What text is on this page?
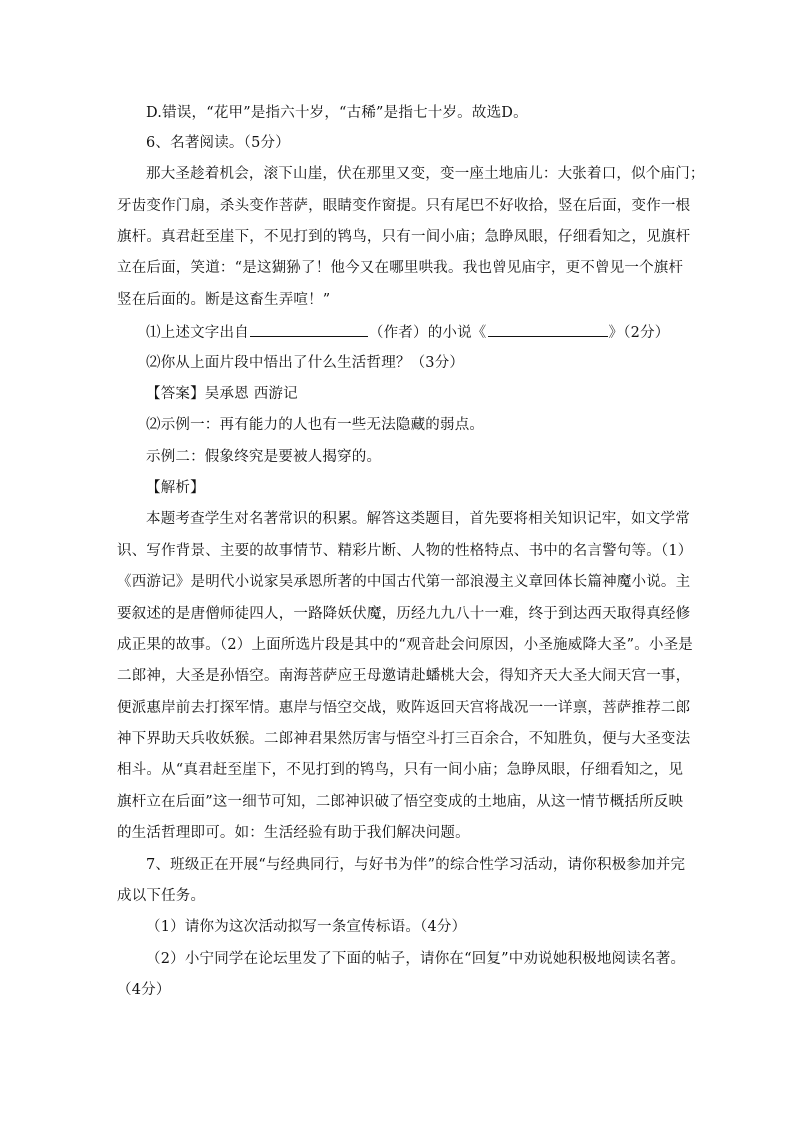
D.错误，“花甲”是指六十岁，“古稀”是指七十岁。故选D。
6、名著阅读。（5分）
那大圣趁着机会，滚下山崖，伏在那里又变，变一座土地庙儿：大张着口，似个庙门；
牙齿变作门扇，杀头变作菩萨，眼睛变作窗提。只有尾巴不好收拾，竖在后面，变作一根
旗杆。真君赶至崖下，不见打到的鸨鸟，只有一间小庙；急睁凤眼，仔细看知之，见旗杆
立在后面，笑道：“是这猢狲了！他今又在哪里哄我。我也曾见庙宇，更不曾见一个旗杆
竖在后面的。断是这畜生弄喧！”
⑴上述文字出自	（作者）的小说《	》（2分）
⑵你从上面片段中悟出了什么生活哲理？（3分）
【答案】吴承恩 西游记
⑵示例一：再有能力的人也有一些无法隐藏的弱点。
示例二：假象终究是要被人揭穿的。
【解析】
本题考查学生对名著常识的积累。解答这类题目，首先要将相关知识记牢，如文学常
识、写作背景、主要的故事情节、精彩片断、人物的性格特点、书中的名言警句等。（1）
《西游记》是明代小说家吴承恩所著的中国古代第一部浪漫主义章回体长篇神魔小说。主
要叙述的是唐僧师徒四人，一路降妖伏魔，历经九九八十一难，终于到达西天取得真经修
成正果的故事。（2）上面所选片段是其中的“观音赴会问原因，小圣施威降大圣”。小圣是
二郎神，大圣是孙悟空。南海菩萨应王母邀请赴蟠桃大会，得知齐天大圣大闹天宫一事，
便派惠岸前去打探军情。惠岸与悟空交战，败阵返回天宫将战况一一详禀，菩萨推荐二郎
神下界助天兵收妖猴。二郎神君果然厉害与悟空斗打三百余合，不知胜负，便与大圣变法
相斗。从“真君赶至崖下，不见打到的鸨鸟，只有一间小庙；急睁凤眼，仔细看知之，见
旗杆立在后面”这一细节可知，二郎神识破了悟空变成的土地庙，从这一情节概括所反映
的生活哲理即可。如：生活经验有助于我们解决问题。
7、班级正在开展“与经典同行，与好书为伴”的综合性学习活动，请你积极参加并完
成以下任务。
（1）请你为这次活动拟写一条宣传标语。（4分）
（2）小宁同学在论坛里发了下面的帖子，请你在“回复”中劝说她积极地阅读名著。
（4分）
